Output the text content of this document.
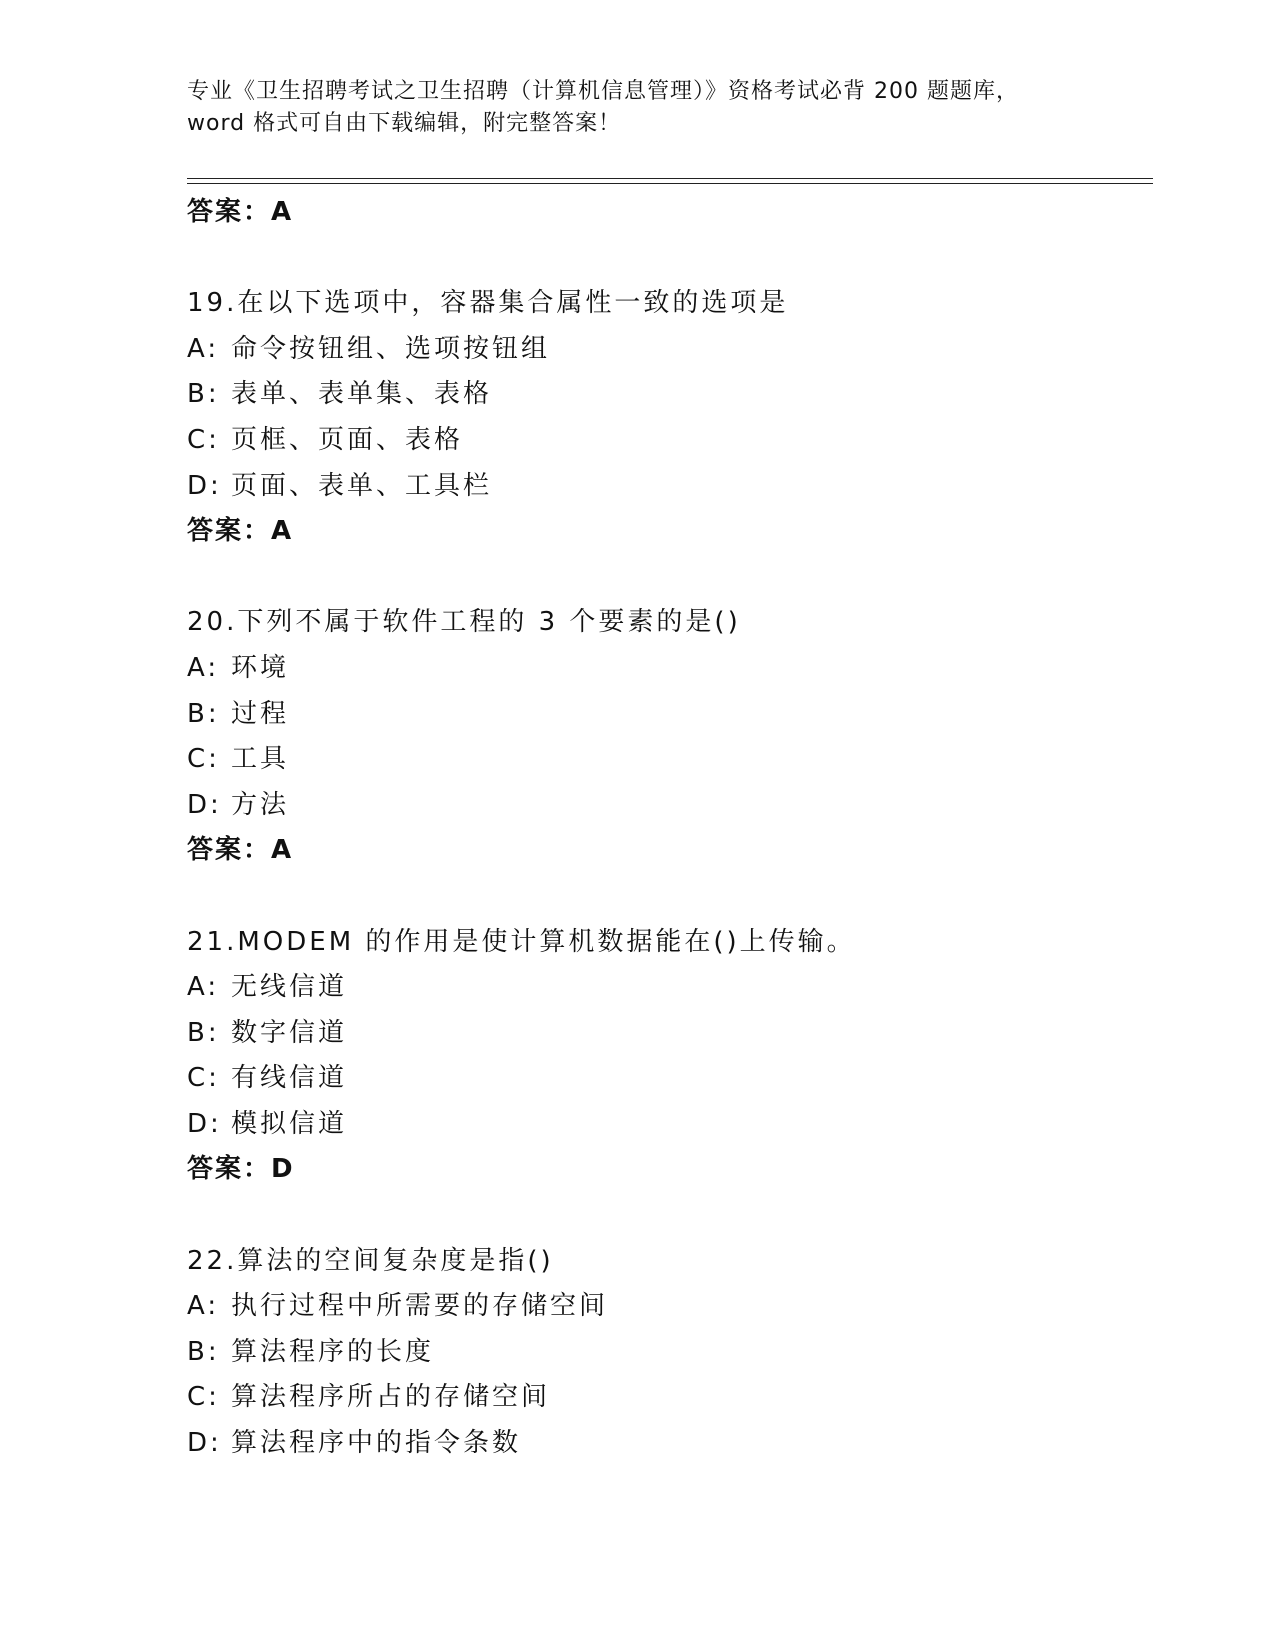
专业《卫生招聘考试之卫生招聘（计算机信息管理）》资格考试必背 200 题题库，
word 格式可自由下载编辑，附完整答案！
答案：A
19.在以下选项中，容器集合属性一致的选项是
A: 命令按钮组、选项按钮组
B: 表单、表单集、表格
C: 页框、页面、表格
D: 页面、表单、工具栏
答案：A
20.下列不属于软件工程的 3 个要素的是()
A: 环境
B: 过程
C: 工具
D: 方法
答案：A
21.MODEM 的作用是使计算机数据能在()上传输。
A: 无线信道
B: 数字信道
C: 有线信道
D: 模拟信道
答案：D
22.算法的空间复杂度是指()
A: 执行过程中所需要的存储空间
B: 算法程序的长度
C: 算法程序所占的存储空间
D: 算法程序中的指令条数
